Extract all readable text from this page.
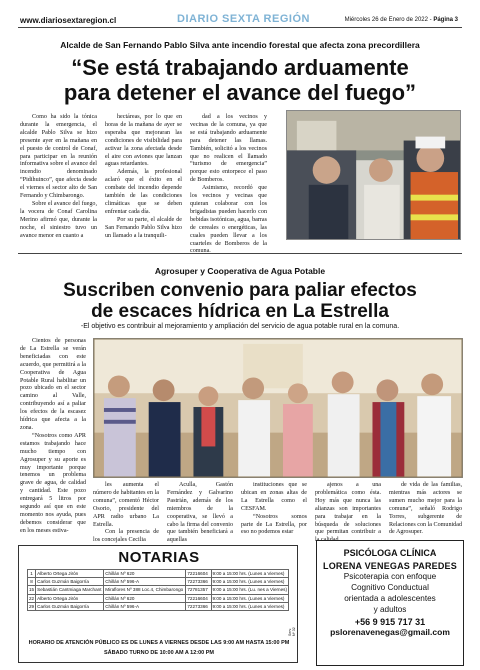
www.diariosextaregion.cl	DIARIO SEXTA REGIÓN	Miércoles 26 de Enero de 2022 - Página 3
Alcalde de San Fernando Pablo Silva ante incendio forestal que afecta zona precordillera
“Se está trabajando arduamente
para detener el avance del fuego”

Como ha sido la tónica durante la emergencia, el alcalde Pablo Silva se hizo presente ayer en la mañana en el puesto de control de Conaf, para participar en la reunión informativa sobre el avance del incendio denominado “Pidihuinco”, que afecta desde el viernes el sector alto de San Fernando y Chimbarongo.

Sobre el avance del fuego, la vocera de Conaf Carolina Merino afirmó que, durante la noche, el siniestro tuvo un avance menor en cuanto a

hectáreas, por lo que en horas de la mañana de ayer se esperaba que mejoraran las condiciones de visibilidad para activar la zona afectada desde el aire con aviones que lanzan aguas retardantes.

Además, la profesional aclaró que el éxito en el combate del incendio depende también de las condiciones climáticas que se deben enfrentar cada día.

Por su parte, el alcalde de San Fernando Pablo Silva hizo un llamado a la tranquili-

dad a los vecinos y vecinas de la comuna, ya que se está trabajando arduamente para detener las llamas. También, solicitó a los vecinos que no realicen el llamado “turismo de emergencia” porque esto entorpece el paso de Bomberos.

Asimismo, recordó que los vecinos y vecinas que quieran colaborar con los brigadistas pueden hacerlo con bebidas isotónicas, agua, barras de cereales o energéticas, las cuales pueden llevar a los cuarteles de Bomberos de la comuna.

Agrosuper y Cooperativa de Agua Potable
Suscriben convenio para paliar efectos
de escaces hídrica en La Estrella
-El objetivo es contribuir al mejoramiento y ampliación del servicio de agua potable rural en la comuna.

Cientos de personas de La Estrella se verán beneficiadas con este acuerdo, que permitirá a la Cooperativa de Agua Potable Rural habilitar un pozo ubicado en el sector camino al Valle, contribuyendo así a paliar los efectos de la escasez hídrica que afecta a la zona.

“Nosotros como APR estamos trabajando hace mucho tiempo con Agrosuper y su aporte es muy importante porque tenemos un problema grave de agua, de calidad y cantidad. Este pozo entregará 5 litros por segundo así que en este momento nos ayuda, pues debemos considerar que en los meses estiva-

les aumenta el número de habitantes en la comuna”, comentó Héctor Osorio, presidente del APR radio urbano La Estrella.

Con la presencia de los concejales Cecilia

Aculla, Gastón Fernández y Galvarino Pastrián, además de los miembros de la cooperativa, se llevó a cabo la firma del convenio que también beneficiará a aquellas

instituciones que se ubican en zonas altas de La Estrella como el CESFAM.

“Nosotros somos parte de La Estrella, por eso no podemos estar

ajenos a una problemática como ésta. Hoy más que nunca las alianzas son importantes para trabajar en la búsqueda de soluciones que permitan contribuir a la calidad

de vida de las familias, mientras más actores se sumen mucho mejor para la comuna”, señaló Rodrigo Torres, subgerente de Relaciones con la Comunidad de Agrosuper.

NOTARIAS
1	Alberto Ortega Jirón	Chillán Nº 620	72216604	9:00 a 15:00 hrs. (Lunes a Viernes)
8	Carlos Guzmán Baigorría	Chillán Nº 596-A	72273366	9:00 a 15:00 hrs. (Lunes a Viernes)
15	Sebastián Cantmiaga Marchant	Miraflores Nº 388 Loc.4, Chimbarongo	72781357	9:00 a 15:00 hrs. (Lu. nes a Viernes)
22	Alberto Ortega Jirón	Chillán Nº 620	72216604	9:00 a 15:00 hrs. (Lunes a Viernes)
29	Carlos Guzmán Baigorría	Chillán Nº 596-A	72273366	9:00 a 15:00 hrs. (Lunes a Viernes)
HORARIO DE ATENCIÓN PÚBLICO ES DE LUNES A VIERNES DESDE LAS 9:00 AM HASTA 15:00 PM
SÁBADO TURNO DE 10:00 AM A 12:00 PM
Serv. Nº 32
PSICÓLOGA CLÍNICA
LORENA VENEGAS PAREDES
Psicoterapia con enfoque
Cognitivo Conductual
orientada a adolescentes
y adultos
+56 9 915 717 31
pslorenavenegas@gmail.com
